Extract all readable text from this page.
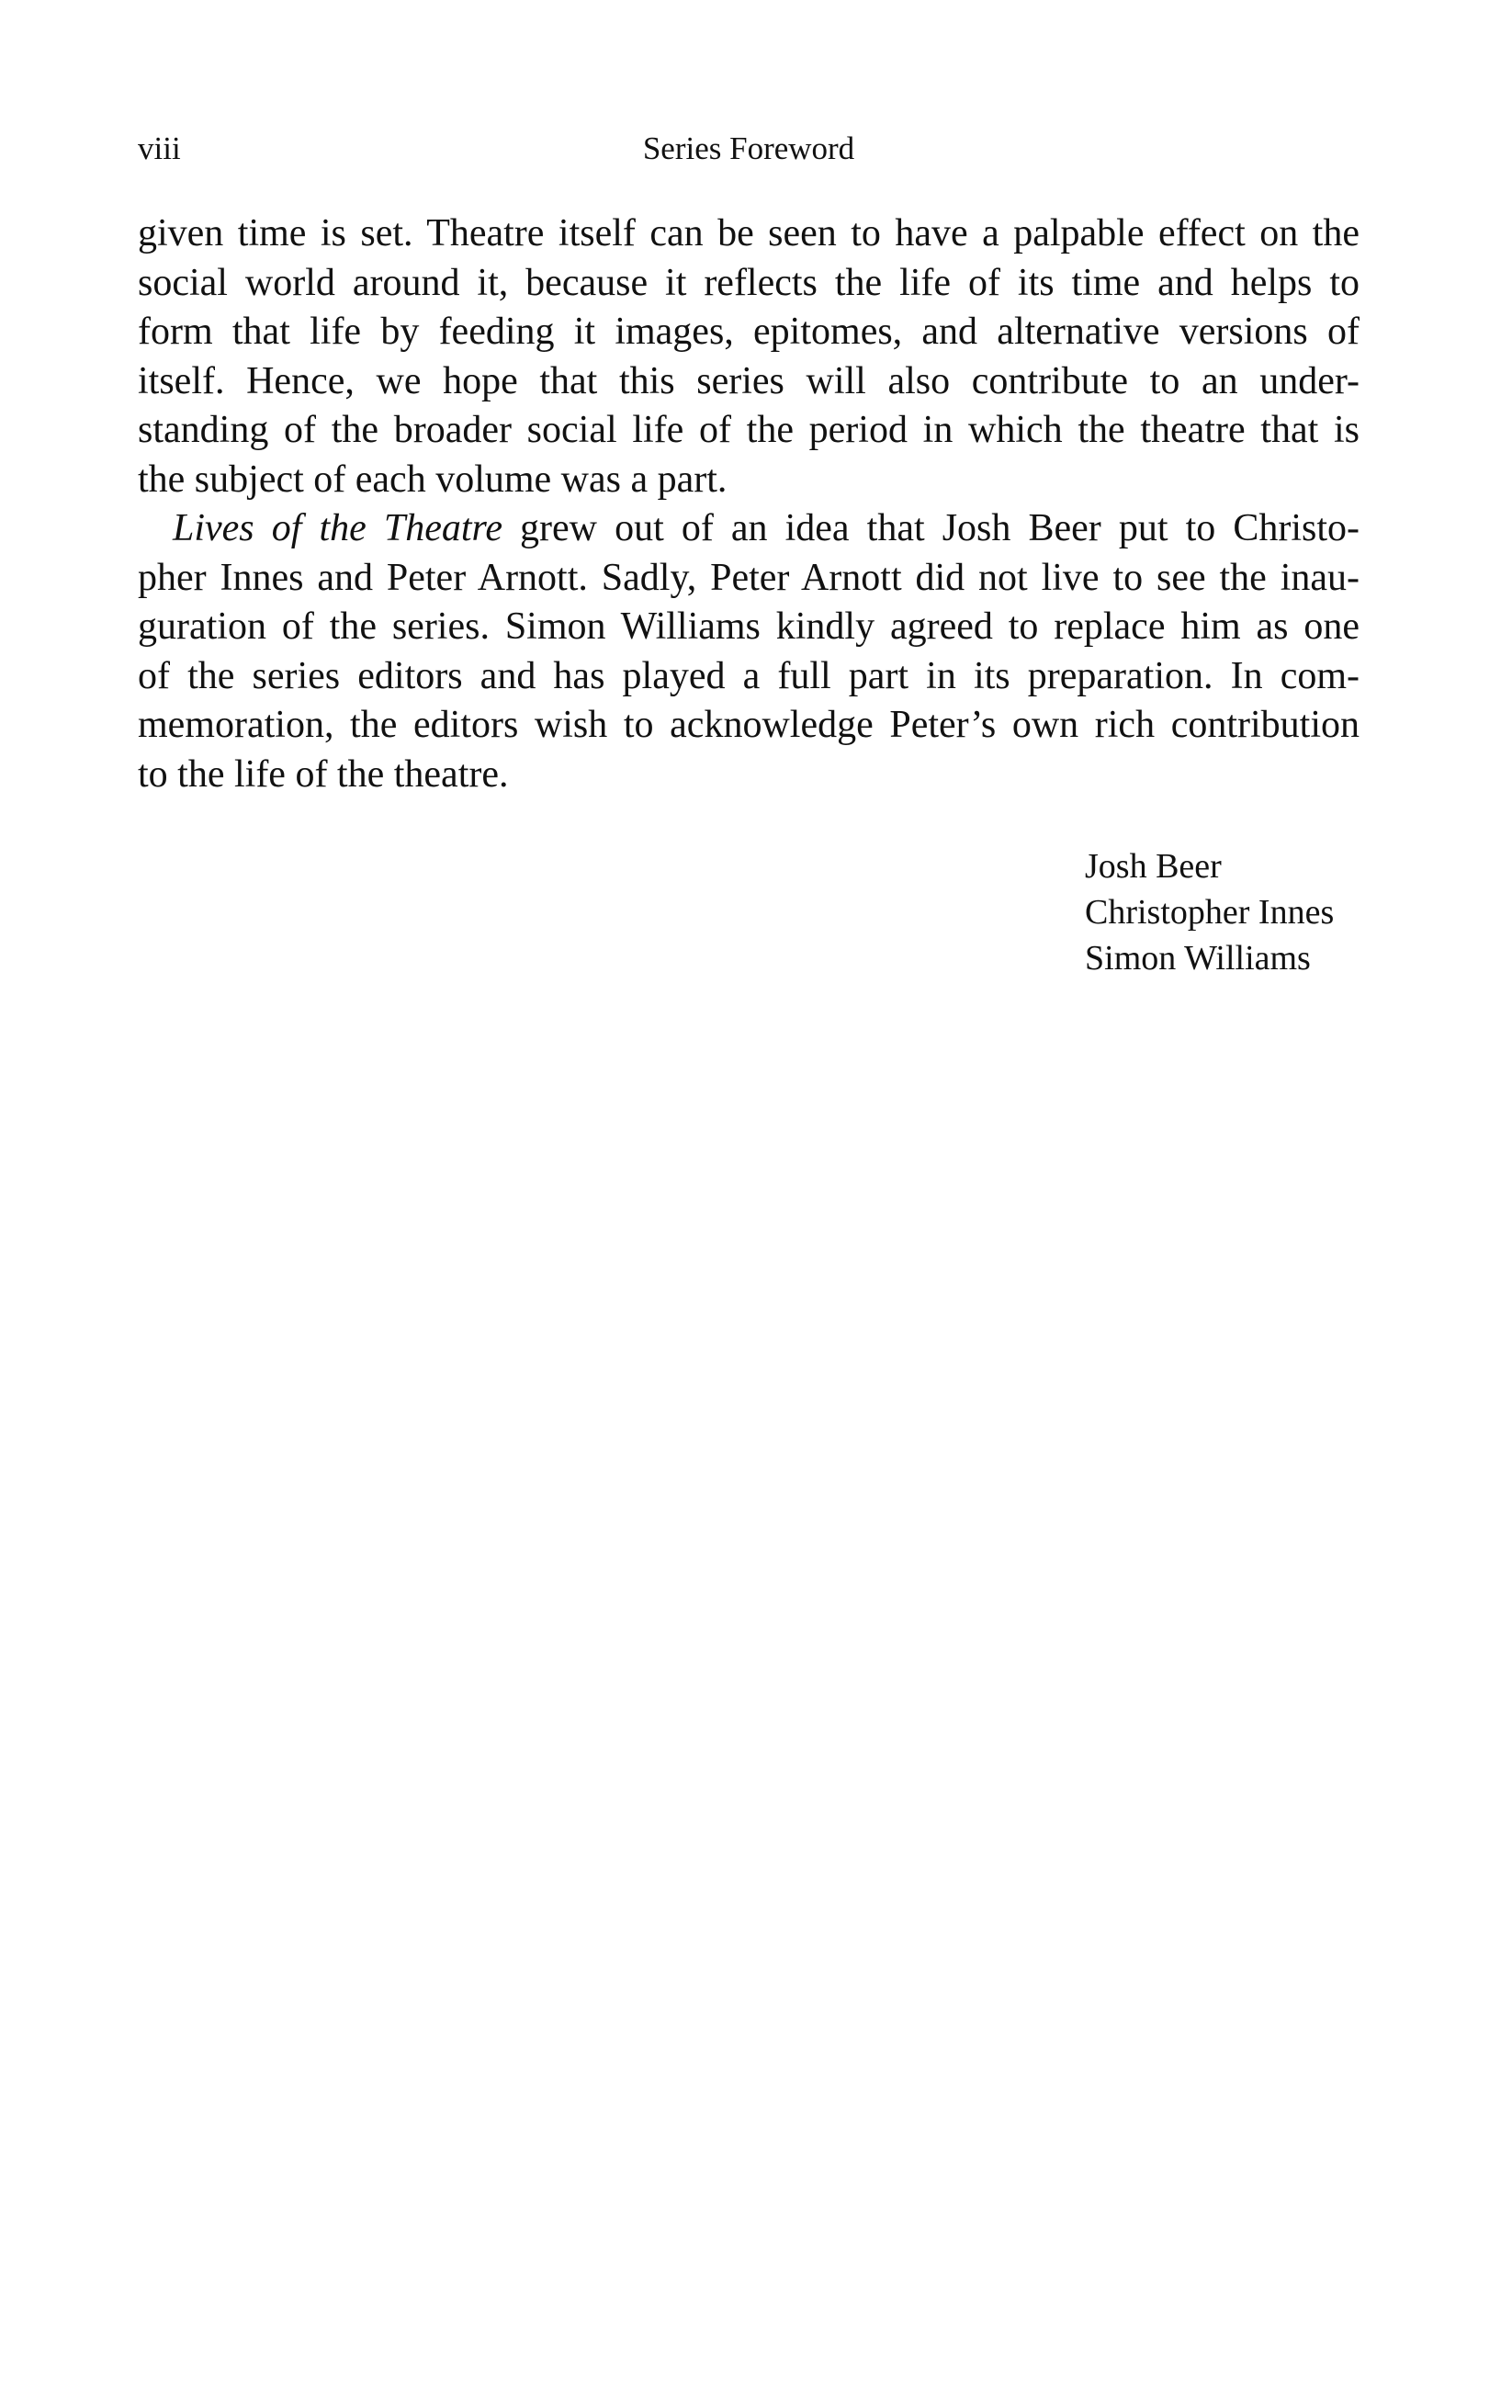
viii	Series Foreword
given time is set. Theatre itself can be seen to have a palpable effect on the
social world around it, because it reflects the life of its time and helps to
form that life by feeding it images, epitomes, and alternative versions of
itself. Hence, we hope that this series will also contribute to an under-
standing of the broader social life of the period in which the theatre that is
the subject of each volume was a part.
Lives of the Theatre grew out of an idea that Josh Beer put to Christo-
pher Innes and Peter Arnott. Sadly, Peter Arnott did not live to see the inau-
guration of the series. Simon Williams kindly agreed to replace him as one
of the series editors and has played a full part in its preparation. In com-
memoration, the editors wish to acknowledge Peter’s own rich contribution
to the life of the theatre.
Josh Beer
Christopher Innes
Simon Williams
